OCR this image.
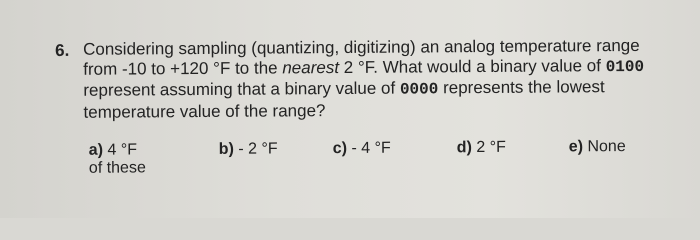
6. Considering sampling (quantizing, digitizing) an analog temperature range
from -10 to +120 °F to the nearest 2 °F. What would a binary value of 0100
represent assuming that a binary value of 0000 represents the lowest
temperature value of the range?
a) 4 °F
of these
b) - 2 °F	c) - 4 °F	d) 2 °F	e) None
